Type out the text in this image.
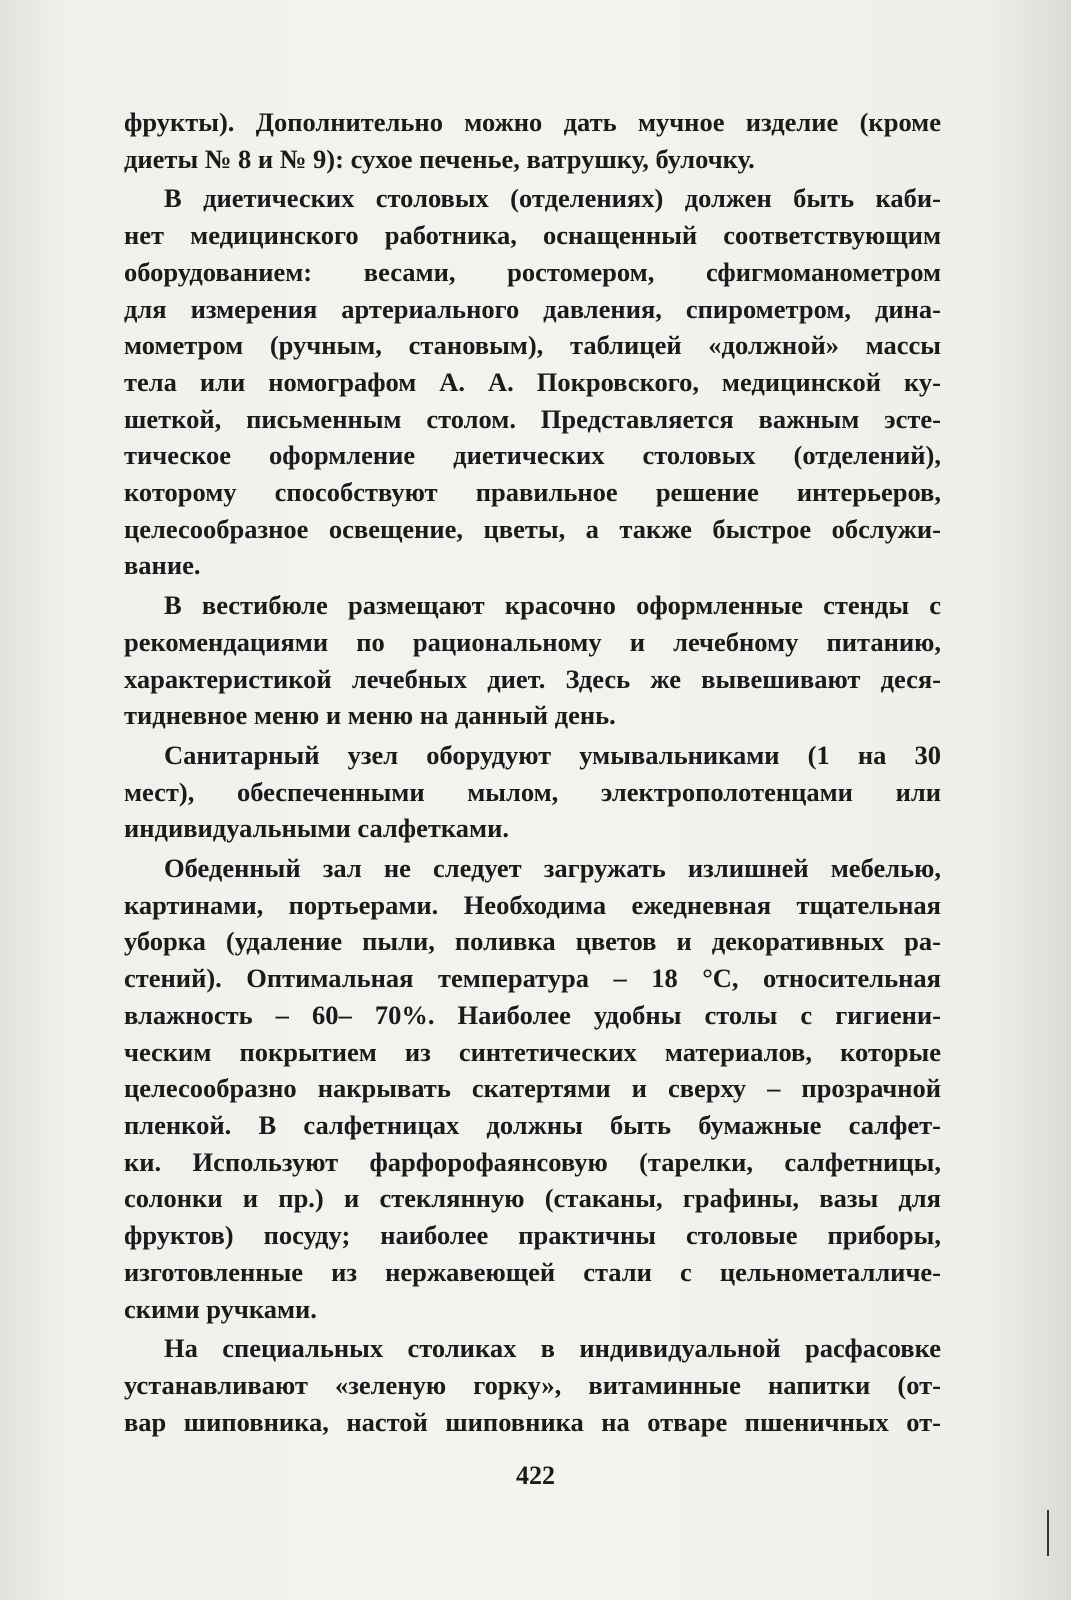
фрукты). Дополнительно можно дать мучное изделие (кроме
диеты № 8 и № 9): сухое печенье, ватрушку, булочку.

В диетических столовых (отделениях) должен быть каби-
нет медицинского работника, оснащенный соответствующим
оборудованием: весами, ростомером, сфигмоманометром
для измерения артериального давления, спирометром, дина-
мометром (ручным, становым), таблицей «должной» массы
тела или номографом А. А. Покровского, медицинской ку-
шеткой, письменным столом. Представляется важным эсте-
тическое оформление диетических столовых (отделений),
которому способствуют правильное решение интерьеров,
целесообразное освещение, цветы, а также быстрое обслужи-
вание.

В вестибюле размещают красочно оформленные стенды с
рекомендациями по рациональному и лечебному питанию,
характеристикой лечебных диет. Здесь же вывешивают деся-
тидневное меню и меню на данный день.

Санитарный узел оборудуют умывальниками (1 на 30
мест), обеспеченными мылом, электрополотенцами или
индивидуальными салфетками.

Обеденный зал не следует загружать излишней мебелью,
картинами, портьерами. Необходима ежедневная тщательная
уборка (удаление пыли, поливка цветов и декоративных ра-
стений). Оптимальная температура – 18 °С, относительная
влажность – 60– 70%. Наиболее удобны столы с гигиени-
ческим покрытием из синтетических материалов, которые
целесообразно накрывать скатертями и сверху – прозрачной
пленкой. В салфетницах должны быть бумажные салфет-
ки. Используют фарфорофаянсовую (тарелки, салфетницы,
солонки и пр.) и стеклянную (стаканы, графины, вазы для
фруктов) посуду; наиболее практичны столовые приборы,
изготовленные из нержавеющей стали с цельнометалличе-
скими ручками.

На специальных столиках в индивидуальной расфасовке
устанавливают «зеленую горку», витаминные напитки (от-
вар шиповника, настой шиповника на отваре пшеничных от-

422
